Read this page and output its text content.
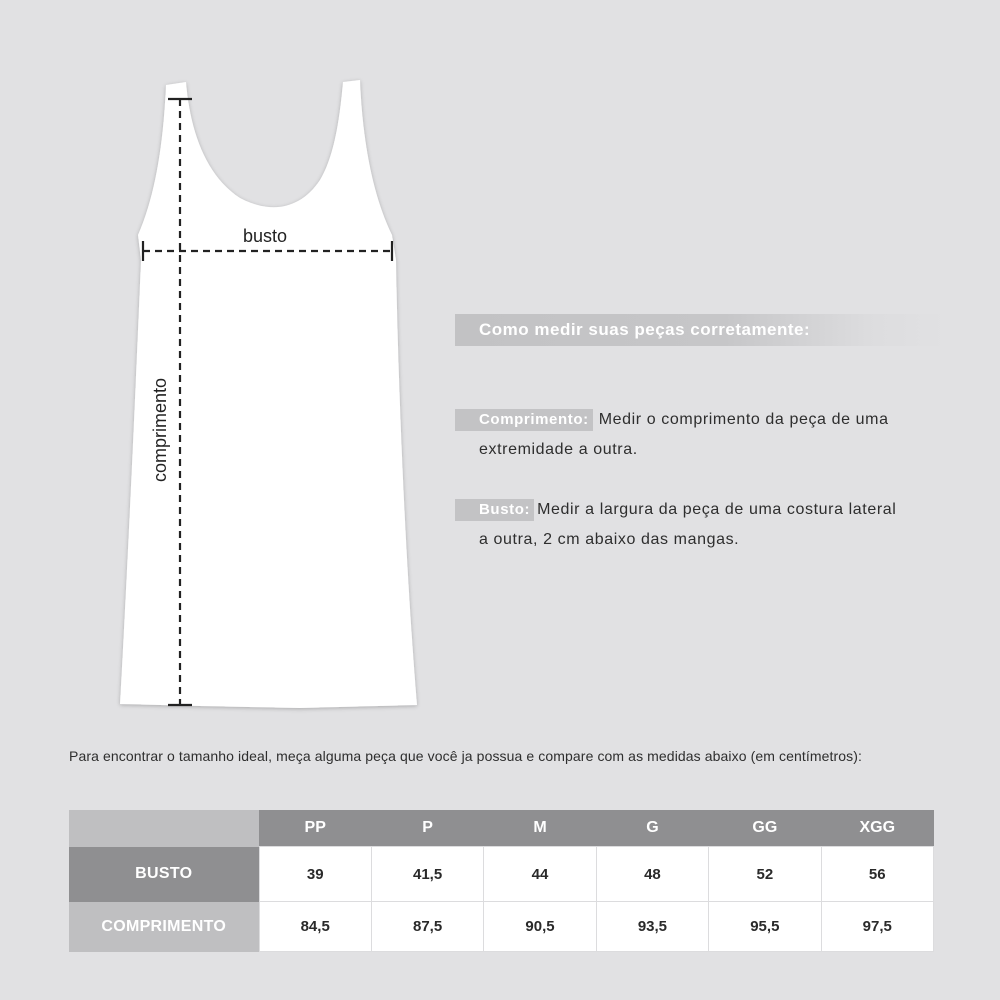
busto
comprimento
Como medir suas peças corretamente:
Comprimento: Medir o comprimento da peça de uma
extremidade a outra.
Busto: Medir a largura da peça de uma costura lateral
a outra, 2 cm abaixo das mangas.
Para encontrar o tamanho ideal, meça alguma peça que você ja possua e compare com as medidas abaixo (em centímetros):
	PP	P	M	G	GG	XGG
BUSTO	39	41,5	44	48	52	56
COMPRIMENTO	84,5	87,5	90,5	93,5	95,5	97,5
